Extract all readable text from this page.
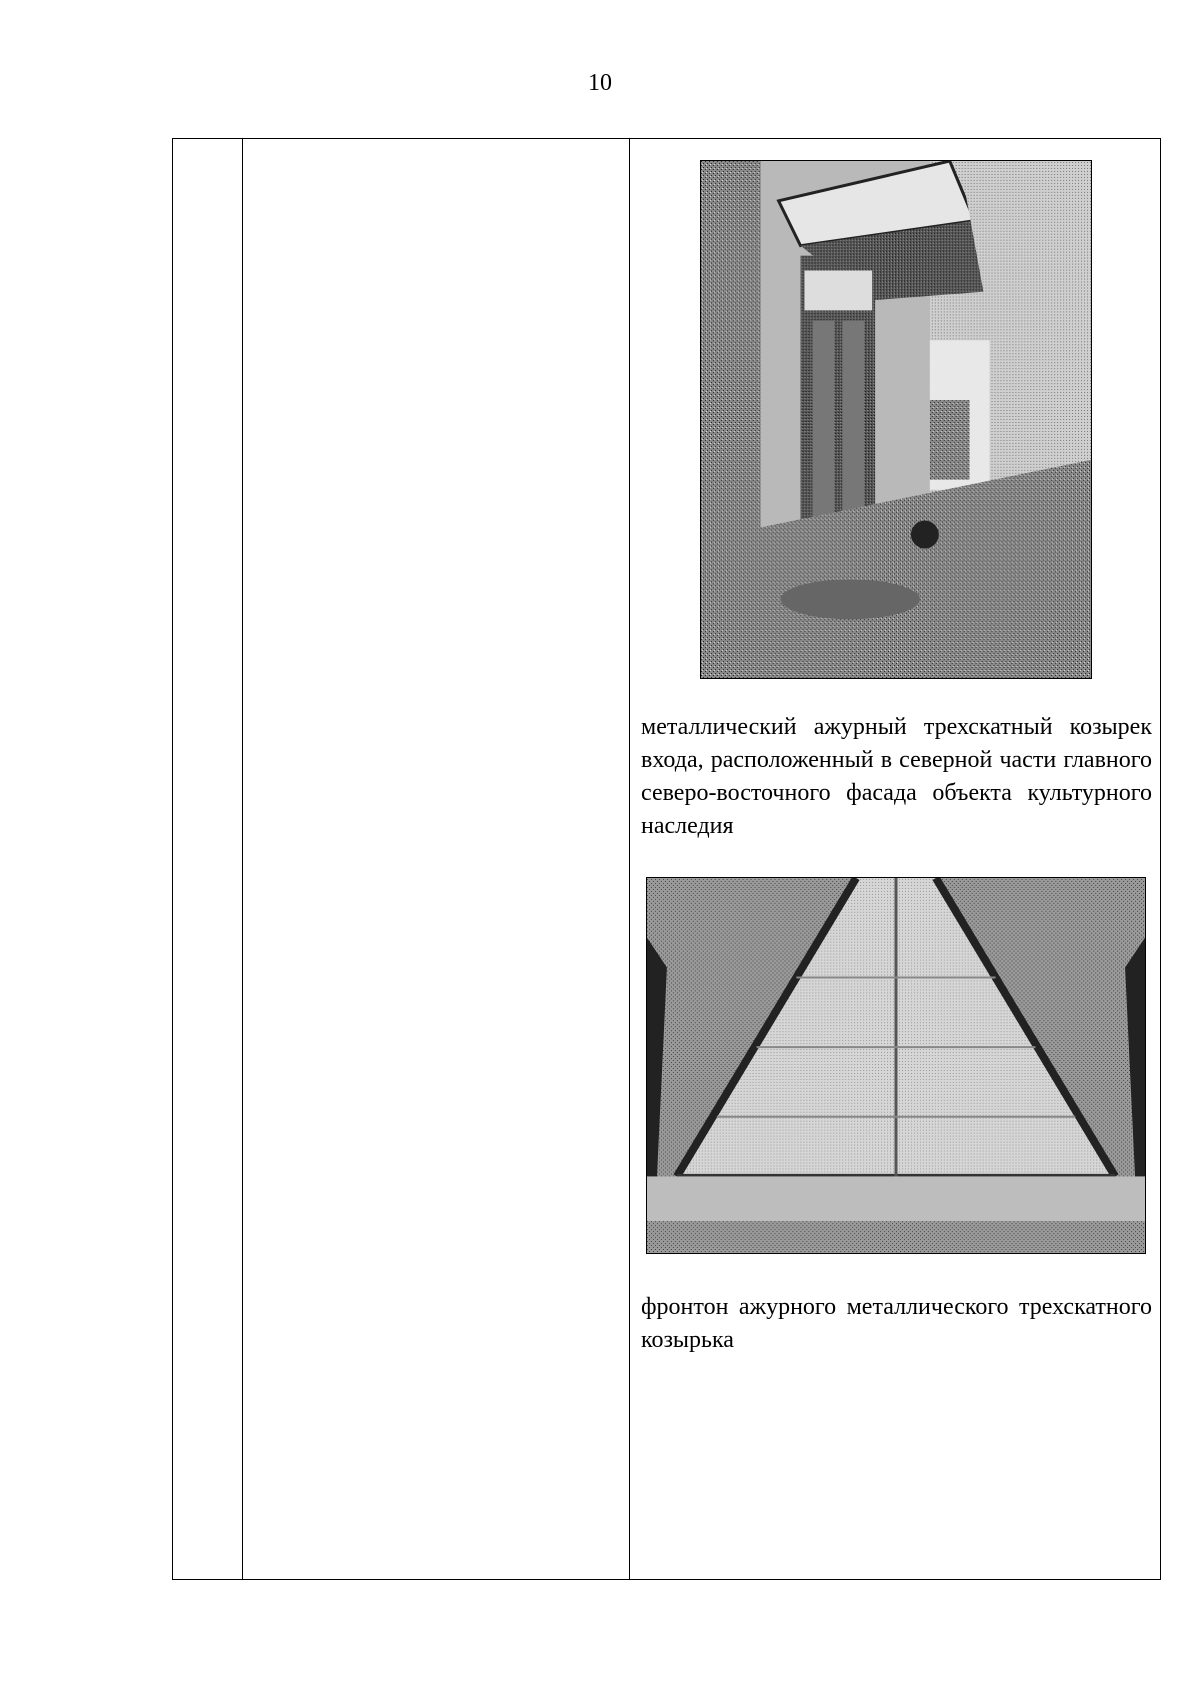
10

металлический ажурный трехскатный козырек входа, расположенный в северной части главного северо-восточного фасада объекта культурного наследия
фронтон ажурного металлического трехскатного козырька
